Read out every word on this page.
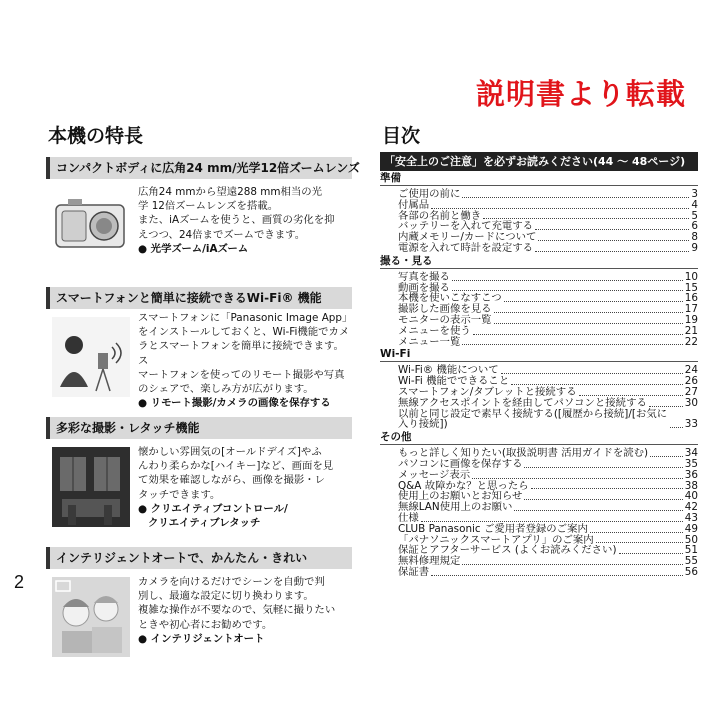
説明書より転載
2
本機の特長
コンパクトボディに広角24 mm/光学12倍ズームレンズ
広角24 mmから望遠288 mm相当の光
学 12倍ズームレンズを搭載。
また、iAズームを使うと、画質の劣化を抑
えつつ、24倍までズームできます。
● 光学ズーム/iAズーム
スマートフォンと簡単に接続できるWi-Fi® 機能
スマートフォンに「Panasonic Image App」
をインストールしておくと、Wi-Fi機能でカメ
ラとスマートフォンを簡単に接続できます。ス
マートフォンを使ってのリモート撮影や写真
のシェアで、楽しみ方が広がります。
● リモート撮影/カメラの画像を保存する
多彩な撮影・レタッチ機能
懐かしい雰囲気の[オールドデイズ]やふ
んわり柔らかな[ハイキー]など、画面を見
て効果を確認しながら、画像を撮影・レ
タッチできます。
● クリエイティブコントロール/
クリエイティブレタッチ
インテリジェントオートで、かんたん・きれい
カメラを向けるだけでシーンを自動で判
別し、最適な設定に切り換わります。
複雑な操作が不要なので、気軽に撮りたい
ときや初心者にお勧めです。
● インテリジェントオート
目次
「安全上のご注意」を必ずお読みください(44 ～ 48ページ)
準備
ご使用の前に	3
付属品	4
各部の名前と働き	5
バッテリーを入れて充電する	6
内蔵メモリー/カードについて	8
電源を入れて時計を設定する	9
撮る・見る
写真を撮る	10
動画を撮る	15
本機を使いこなすこつ	16
撮影した画像を見る	17
モニターの表示一覧	19
メニューを使う	21
メニュー一覧	22
Wi-Fi
Wi-Fi® 機能について	24
Wi-Fi 機能でできること	26
スマートフォン/タブレットと接続する	27
無線アクセスポイントを経由してパソコンと接続する	30
以前と同じ設定で素早く接続する([履歴から接続]/[お気に入り接続])	33
その他
もっと詳しく知りたい(取扱説明書 活用ガイドを読む)	34
パソコンに画像を保存する	35
メッセージ表示	36
Q&A 故障かな？と思ったら	38
使用上のお願いとお知らせ	40
無線LAN使用上のお願い	42
仕様	43
CLUB Panasonic ご愛用者登録のご案内	49
「パナソニックスマートアプリ」のご案内	50
保証とアフターサービス (よくお読みください)	51
無料修理規定	55
保証書	56
